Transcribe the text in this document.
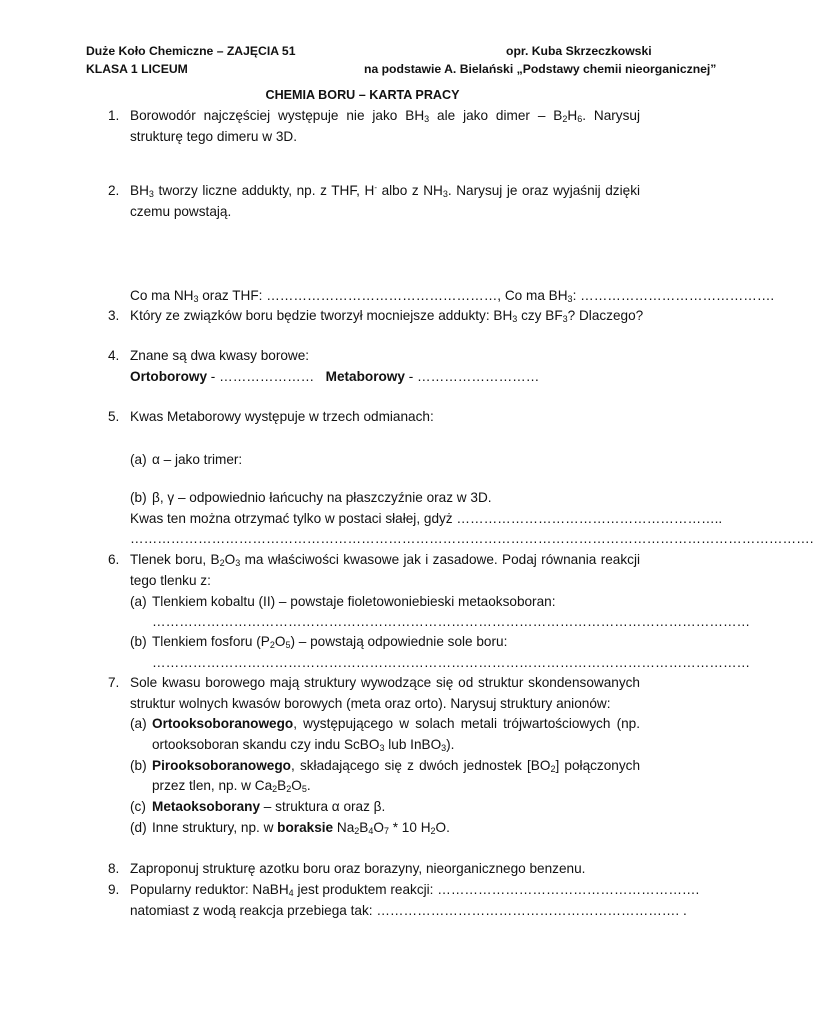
Duże Koło Chemiczne – ZAJĘCIA 51
KLASA 1 LICEUM
opr. Kuba Skrzeczkowski
na podstawie A. Bielański „Podstawy chemii nieorganicznej”
CHEMIA BORU – KARTA PRACY
1. Borowodór najczęściej występuje nie jako $BH_3$ ale jako dimer – $B_2H_6$. Narysuj
strukturę tego dimeru w 3D.
2. $BH_3$ tworzy liczne addukty, np. z THF, H- albo z $NH_3$. Narysuj je oraz wyjaśnij dzięki
czemu powstają.
Co ma $NH_3$ oraz THF: ……………………………………………, Co ma $BH_3$: …………………………………….
3. Który ze związków boru będzie tworzył mocniejsze addukty: $BH_3$ czy $BF_3$? Dlaczego?
4. Znane są dwa kwasy borowe:
Ortoborowy - ………………… Metaborowy - ………………………
5. Kwas Metaborowy występuje w trzech odmianach:
(a) α – jako trimer:
(b) β, γ – odpowiednio łańcuchy na płaszczyźnie oraz w 3D.
Kwas ten można otrzymać tylko w postaci słałej, gdyż …………………………………………………..
…………………………………………………………………………………………………………………………………….
6. Tlenek boru, $B_2O_3$ ma właściwości kwasowe jak i zasadowe. Podaj równania reakcji
tego tlenku z:
(a) Tlenkiem kobaltu (II) – powstaje fioletowoniebieski metaoksoboran:
……………………………………………………………………………………………………………………
(b) Tlenkiem fosforu $(P_2O_5)$ – powstają odpowiednie sole boru:
……………………………………………………………………………………………………………………
7. Sole kwasu borowego mają struktury wywodzące się od struktur skondensowanych
struktur wolnych kwasów borowych (meta oraz orto). Narysuj struktury anionów:
(a) Ortooksoboranowego, występującego w solach metali trójwartościowych (np.
ortooksoboran skandu czy indu ScBO$_3$ lub InBO$_3$).
(b) Pirooksoboranowego, składającego się z dwóch jednostek $[BO_2]$ połączonych
przez tlen, np. w $Ca_2B_2O_5$.
(c) Metaoksoborany – struktura α oraz β.
(d) Inne struktury, np. w boraksie $Na_2B_4O_7 * 10$ $H_2O$.
8. Zaproponuj strukturę azotku boru oraz borazyny, nieorganicznego benzenu.
9. Popularny reduktor: NaBH$_4$ jest produktem reakcji: ………………………………………………….
natomiast z wodą reakcja przebiega tak: …………………………………………………………. .
